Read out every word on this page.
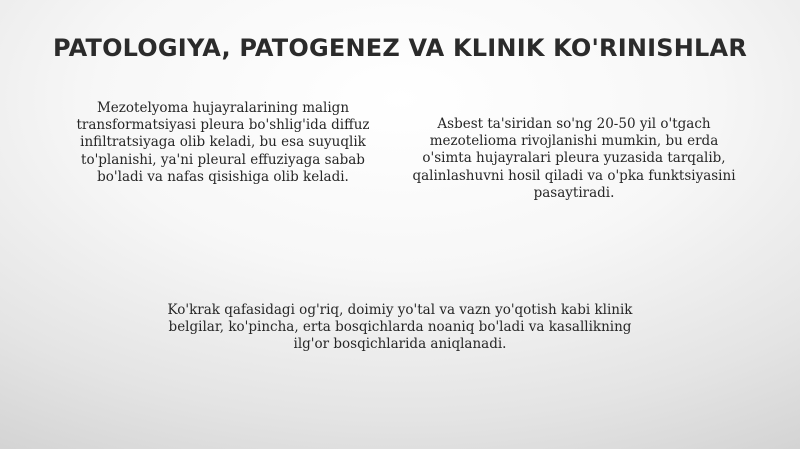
PATOLOGIYA, PATOGENEZ VA KLINIK KO'RINISHLAR
Mezotelyoma hujayralarining malign transformatsiyasi pleura bo'shlig'ida diffuz infiltratsiyaga olib keladi, bu esa suyuqlik to'planishi, ya'ni pleural effuziyaga sabab bo'ladi va nafas qisishiga olib keladi.
Asbest ta'siridan so'ng 20-50 yil o'tgach mezotelioma rivojlanishi mumkin, bu erda o'simta hujayralari pleura yuzasida tarqalib, qalinlashuvni hosil qiladi va o'pka funktsiyasini pasaytiradi.
Ko'krak qafasidagi og'riq, doimiy yo'tal va vazn yo'qotish kabi klinik belgilar, ko'pincha, erta bosqichlarda noaniq bo'ladi va kasallikning ilg'or bosqichlarida aniqlanadi.
